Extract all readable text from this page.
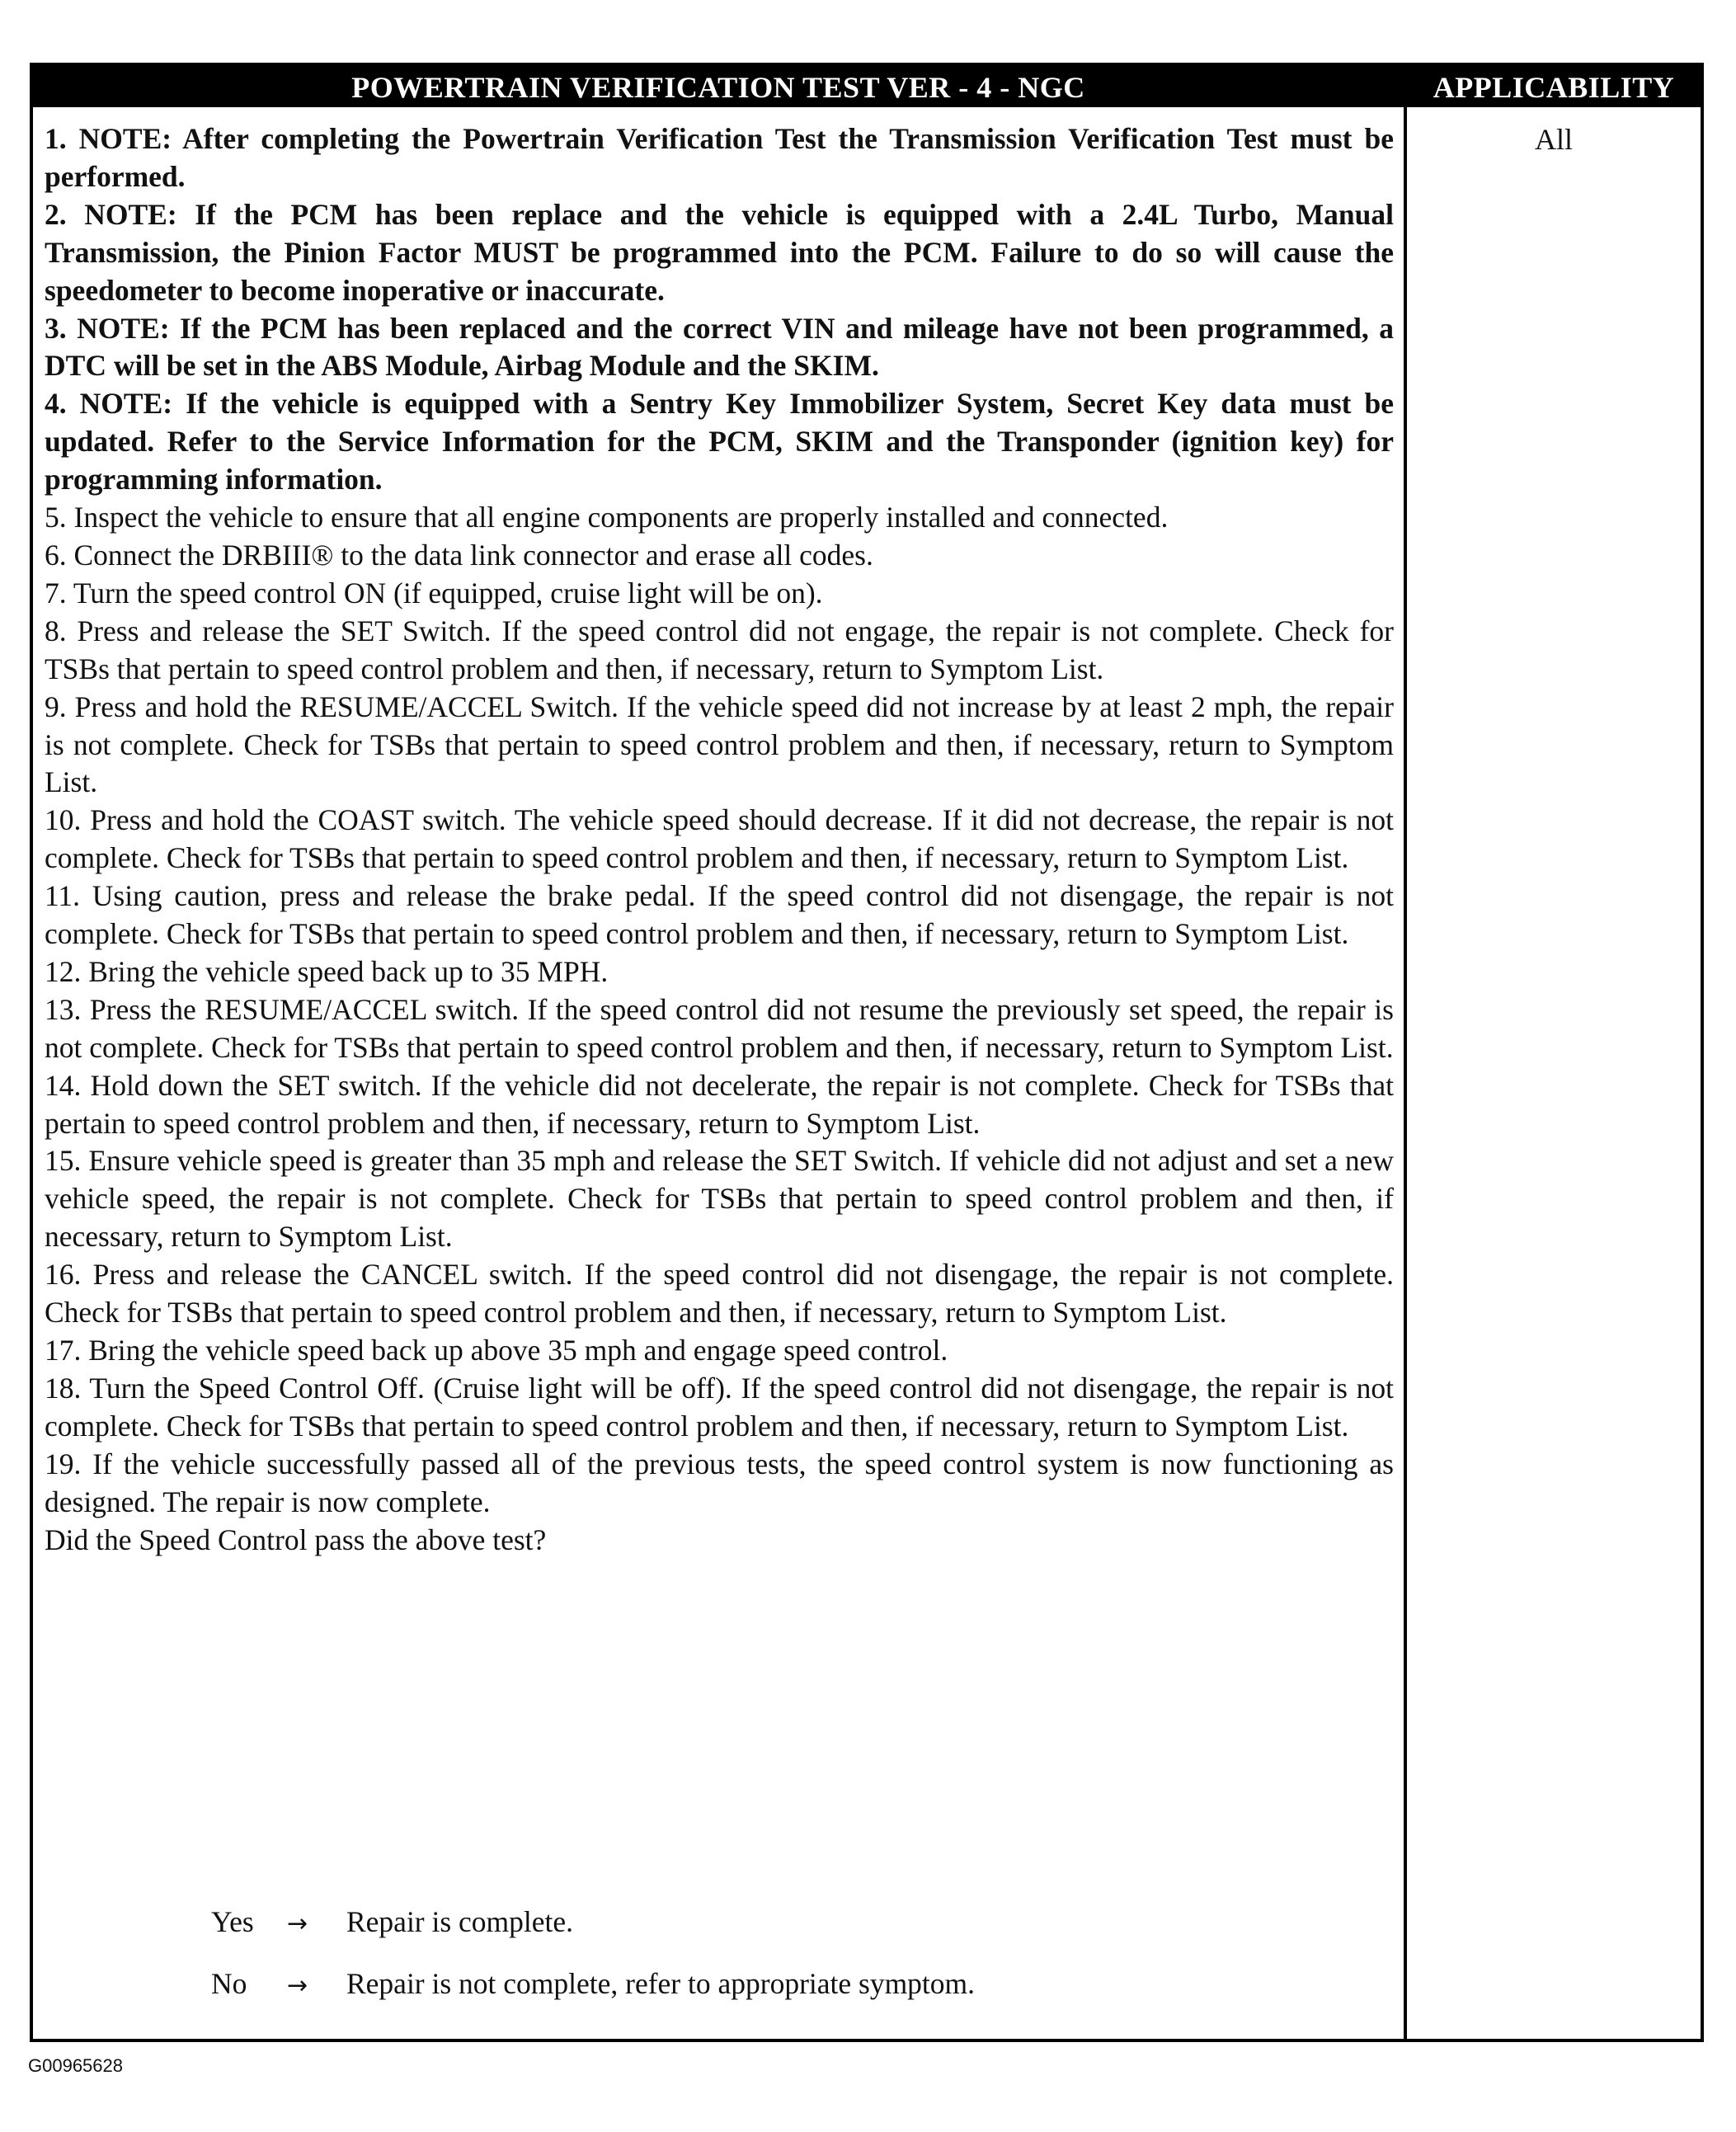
POWERTRAIN VERIFICATION TEST VER - 4 - NGC	APPLICABILITY
1. NOTE: After completing the Powertrain Verification Test the Transmission Verification Test must be performed.
2. NOTE: If the PCM has been replace and the vehicle is equipped with a 2.4L Turbo, Manual Transmission, the Pinion Factor MUST be programmed into the PCM. Failure to do so will cause the speedometer to become inoperative or inaccurate.
3. NOTE: If the PCM has been replaced and the correct VIN and mileage have not been programmed, a DTC will be set in the ABS Module, Airbag Module and the SKIM.
4. NOTE: If the vehicle is equipped with a Sentry Key Immobilizer System, Secret Key data must be updated. Refer to the Service Information for the PCM, SKIM and the Transponder (ignition key) for programming information.
5. Inspect the vehicle to ensure that all engine components are properly installed and connected.
6. Connect the DRBIII® to the data link connector and erase all codes.
7. Turn the speed control ON (if equipped, cruise light will be on).
8. Press and release the SET Switch. If the speed control did not engage, the repair is not complete. Check for TSBs that pertain to speed control problem and then, if necessary, return to Symptom List.
9. Press and hold the RESUME/ACCEL Switch. If the vehicle speed did not increase by at least 2 mph, the repair is not complete. Check for TSBs that pertain to speed control problem and then, if necessary, return to Symptom List.
10. Press and hold the COAST switch. The vehicle speed should decrease. If it did not decrease, the repair is not complete. Check for TSBs that pertain to speed control problem and then, if necessary, return to Symptom List.
11. Using caution, press and release the brake pedal. If the speed control did not disengage, the repair is not complete. Check for TSBs that pertain to speed control problem and then, if necessary, return to Symptom List.
12. Bring the vehicle speed back up to 35 MPH.
13. Press the RESUME/ACCEL switch. If the speed control did not resume the previously set speed, the repair is not complete. Check for TSBs that pertain to speed control problem and then, if necessary, return to Symptom List.
14. Hold down the SET switch. If the vehicle did not decelerate, the repair is not complete. Check for TSBs that pertain to speed control problem and then, if necessary, return to Symptom List.
15. Ensure vehicle speed is greater than 35 mph and release the SET Switch. If vehicle did not adjust and set a new vehicle speed, the repair is not complete. Check for TSBs that pertain to speed control problem and then, if necessary, return to Symptom List.
16. Press and release the CANCEL switch. If the speed control did not disengage, the repair is not complete. Check for TSBs that pertain to speed control problem and then, if necessary, return to Symptom List.
17. Bring the vehicle speed back up above 35 mph and engage speed control.
18. Turn the Speed Control Off. (Cruise light will be off). If the speed control did not disengage, the repair is not complete. Check for TSBs that pertain to speed control problem and then, if necessary, return to Symptom List.
19. If the vehicle successfully passed all of the previous tests, the speed control system is now functioning as designed. The repair is now complete.
Did the Speed Control pass the above test?
Yes → Repair is complete.
No → Repair is not complete, refer to appropriate symptom.
All
G00965628
